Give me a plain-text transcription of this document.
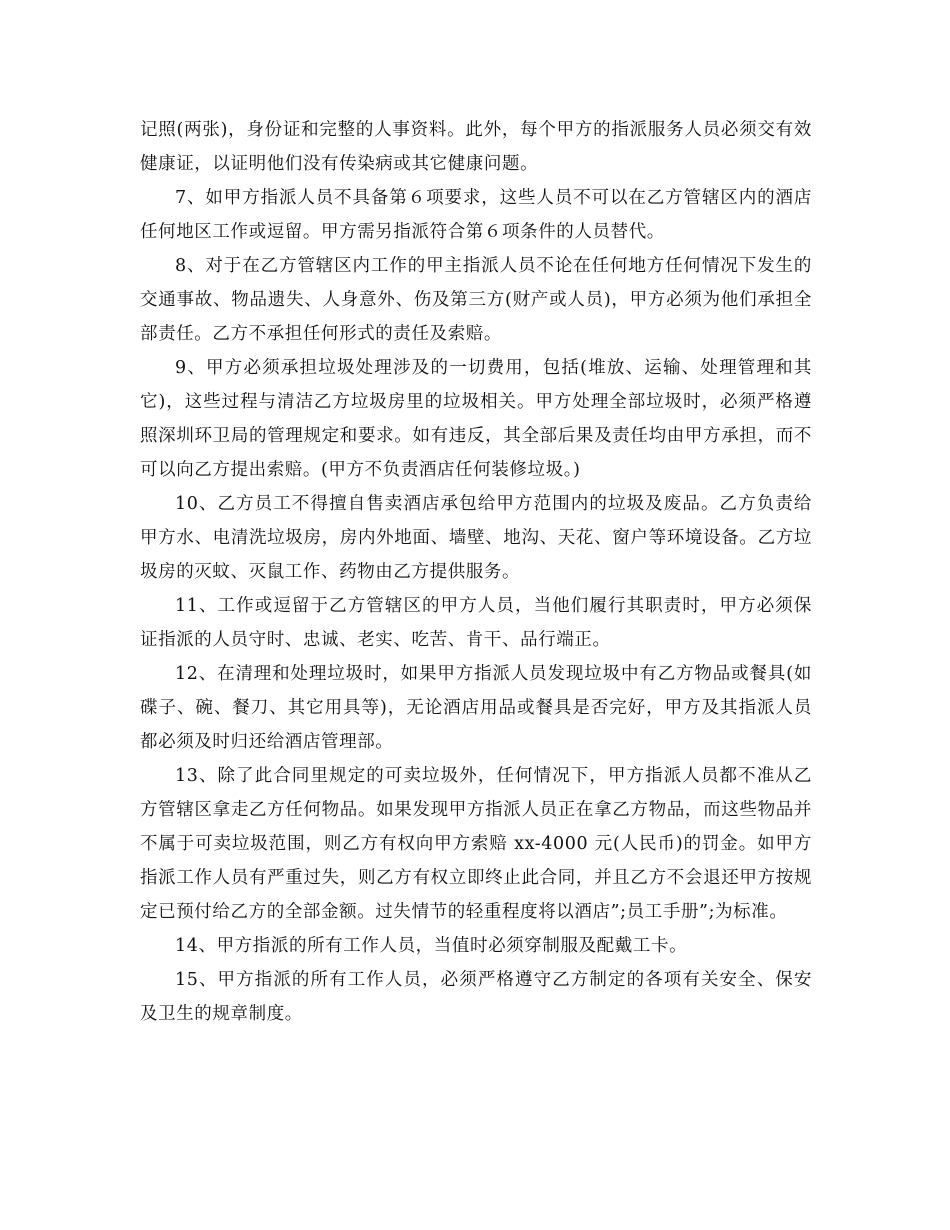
记照(两张)，身份证和完整的人事资料。此外，每个甲方的指派服务人员必须交有效健康证，以证明他们没有传染病或其它健康问题。

7、如甲方指派人员不具备第６项要求，这些人员不可以在乙方管辖区内的酒店任何地区工作或逗留。甲方需另指派符合第６项条件的人员替代。

8、对于在乙方管辖区内工作的甲主指派人员不论在任何地方任何情况下发生的交通事故、物品遗失、人身意外、伤及第三方(财产或人员)，甲方必须为他们承担全部责任。乙方不承担任何形式的责任及索赔。

9、甲方必须承担垃圾处理涉及的一切费用，包括(堆放、运输、处理管理和其它)，这些过程与清洁乙方垃圾房里的垃圾相关。甲方处理全部垃圾时，必须严格遵照深圳环卫局的管理规定和要求。如有违反，其全部后果及责任均由甲方承担，而不可以向乙方提出索赔。(甲方不负责酒店任何装修垃圾。)

10、乙方员工不得擅自售卖酒店承包给甲方范围内的垃圾及废品。乙方负责给甲方水、电清洗垃圾房，房内外地面、墙壁、地沟、天花、窗户等环境设备。乙方垃圾房的灭蚊、灭鼠工作、药物由乙方提供服务。

11、工作或逗留于乙方管辖区的甲方人员，当他们履行其职责时，甲方必须保证指派的人员守时、忠诚、老实、吃苦、肯干、品行端正。

12、在清理和处理垃圾时，如果甲方指派人员发现垃圾中有乙方物品或餐具(如碟子、碗、餐刀、其它用具等)，无论酒店用品或餐具是否完好，甲方及其指派人员都必须及时归还给酒店管理部。

13、除了此合同里规定的可卖垃圾外，任何情况下，甲方指派人员都不准从乙方管辖区拿走乙方任何物品。如果发现甲方指派人员正在拿乙方物品，而这些物品并不属于可卖垃圾范围，则乙方有权向甲方索赔 xx-4000 元(人民币)的罚金。如甲方指派工作人员有严重过失，则乙方有权立即终止此合同，并且乙方不会退还甲方按规定已预付给乙方的全部金额。过失情节的轻重程度将以酒店”;员工手册”;为标准。

14、甲方指派的所有工作人员，当值时必须穿制服及配戴工卡。

15、甲方指派的所有工作人员，必须严格遵守乙方制定的各项有关安全、保安及卫生的规章制度。
